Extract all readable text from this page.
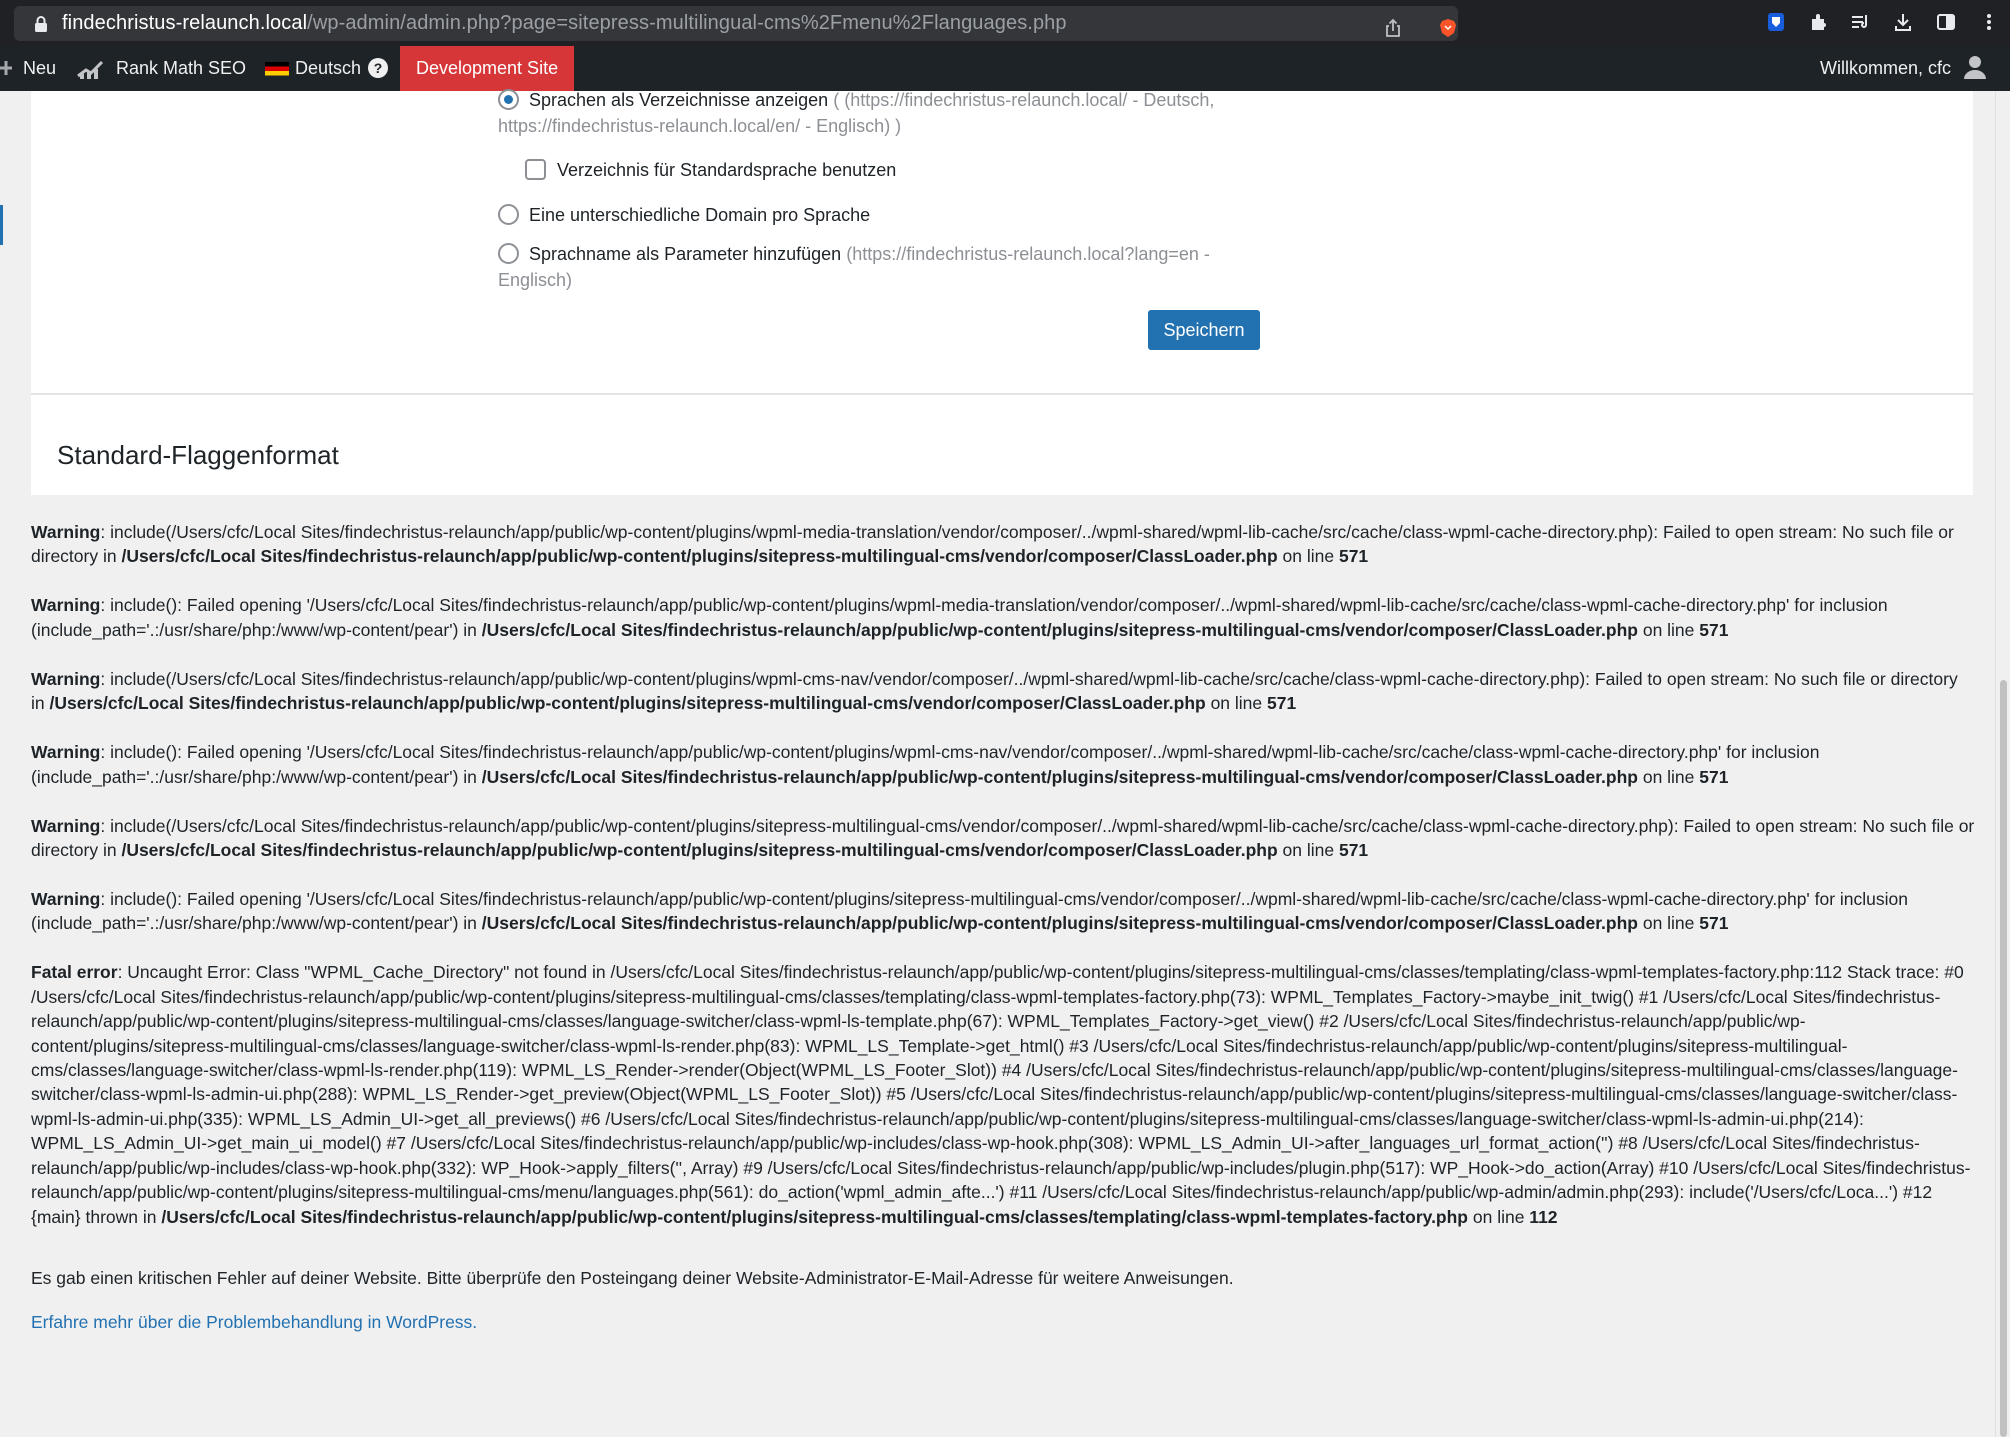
findechristus-relaunch.local/wp-admin/admin.php?page=sitepress-multilingual-cms%2Fmenu%2Flanguages.php
Neu	Rank Math SEO	Deutsch ?	Development Site	Willkommen, cfc
Sprachen als Verzeichnisse anzeigen ( (https://findechristus-relaunch.local/ - Deutsch,
https://findechristus-relaunch.local/en/ - Englisch) )
Verzeichnis für Standardsprache benutzen
Eine unterschiedliche Domain pro Sprache
Sprachname als Parameter hinzufügen (https://findechristus-relaunch.local?lang=en -
Englisch)
Speichern
Standard-Flaggenformat
Warning: include(/Users/cfc/Local Sites/findechristus-relaunch/app/public/wp-content/plugins/wpml-media-translation/vendor/composer/../wpml-shared/wpml-lib-cache/src/cache/class-wpml-cache-directory.php): Failed to open stream: No such file or directory in /Users/cfc/Local Sites/findechristus-relaunch/app/public/wp-content/plugins/sitepress-multilingual-cms/vendor/composer/ClassLoader.php on line 571
Warning: include(): Failed opening '/Users/cfc/Local Sites/findechristus-relaunch/app/public/wp-content/plugins/wpml-media-translation/vendor/composer/../wpml-shared/wpml-lib-cache/src/cache/class-wpml-cache-directory.php' for inclusion (include_path='.:/usr/share/php:/www/wp-content/pear') in /Users/cfc/Local Sites/findechristus-relaunch/app/public/wp-content/plugins/sitepress-multilingual-cms/vendor/composer/ClassLoader.php on line 571
Warning: include(/Users/cfc/Local Sites/findechristus-relaunch/app/public/wp-content/plugins/wpml-cms-nav/vendor/composer/../wpml-shared/wpml-lib-cache/src/cache/class-wpml-cache-directory.php): Failed to open stream: No such file or directory in /Users/cfc/Local Sites/findechristus-relaunch/app/public/wp-content/plugins/sitepress-multilingual-cms/vendor/composer/ClassLoader.php on line 571
Warning: include(): Failed opening '/Users/cfc/Local Sites/findechristus-relaunch/app/public/wp-content/plugins/wpml-cms-nav/vendor/composer/../wpml-shared/wpml-lib-cache/src/cache/class-wpml-cache-directory.php' for inclusion (include_path='.:/usr/share/php:/www/wp-content/pear') in /Users/cfc/Local Sites/findechristus-relaunch/app/public/wp-content/plugins/sitepress-multilingual-cms/vendor/composer/ClassLoader.php on line 571
Warning: include(/Users/cfc/Local Sites/findechristus-relaunch/app/public/wp-content/plugins/sitepress-multilingual-cms/vendor/composer/../wpml-shared/wpml-lib-cache/src/cache/class-wpml-cache-directory.php): Failed to open stream: No such file or directory in /Users/cfc/Local Sites/findechristus-relaunch/app/public/wp-content/plugins/sitepress-multilingual-cms/vendor/composer/ClassLoader.php on line 571
Warning: include(): Failed opening '/Users/cfc/Local Sites/findechristus-relaunch/app/public/wp-content/plugins/sitepress-multilingual-cms/vendor/composer/../wpml-shared/wpml-lib-cache/src/cache/class-wpml-cache-directory.php' for inclusion (include_path='.:/usr/share/php:/www/wp-content/pear') in /Users/cfc/Local Sites/findechristus-relaunch/app/public/wp-content/plugins/sitepress-multilingual-cms/vendor/composer/ClassLoader.php on line 571
Fatal error: Uncaught Error: Class "WPML_Cache_Directory" not found in /Users/cfc/Local Sites/findechristus-relaunch/app/public/wp-content/plugins/sitepress-multilingual-cms/classes/templating/class-wpml-templates-factory.php:112 Stack trace: #0 /Users/cfc/Local Sites/findechristus-relaunch/app/public/wp-content/plugins/sitepress-multilingual-cms/classes/templating/class-wpml-templates-factory.php(73): WPML_Templates_Factory->maybe_init_twig() #1 /Users/cfc/Local Sites/findechristus-relaunch/app/public/wp-content/plugins/sitepress-multilingual-cms/classes/language-switcher/class-wpml-ls-template.php(67): WPML_Templates_Factory->get_view() #2 /Users/cfc/Local Sites/findechristus-relaunch/app/public/wp-content/plugins/sitepress-multilingual-cms/classes/language-switcher/class-wpml-ls-render.php(83): WPML_LS_Template->get_html() #3 /Users/cfc/Local Sites/findechristus-relaunch/app/public/wp-content/plugins/sitepress-multilingual-cms/classes/language-switcher/class-wpml-ls-render.php(119): WPML_LS_Render->render(Object(WPML_LS_Footer_Slot)) #4 /Users/cfc/Local Sites/findechristus-relaunch/app/public/wp-content/plugins/sitepress-multilingual-cms/classes/language-switcher/class-wpml-ls-admin-ui.php(288): WPML_LS_Render->get_preview(Object(WPML_LS_Footer_Slot)) #5 /Users/cfc/Local Sites/findechristus-relaunch/app/public/wp-content/plugins/sitepress-multilingual-cms/classes/language-switcher/class-wpml-ls-admin-ui.php(335): WPML_LS_Admin_UI->get_all_previews() #6 /Users/cfc/Local Sites/findechristus-relaunch/app/public/wp-content/plugins/sitepress-multilingual-cms/classes/language-switcher/class-wpml-ls-admin-ui.php(214): WPML_LS_Admin_UI->get_main_ui_model() #7 /Users/cfc/Local Sites/findechristus-relaunch/app/public/wp-includes/class-wp-hook.php(308): WPML_LS_Admin_UI->after_languages_url_format_action('') #8 /Users/cfc/Local Sites/findechristus-relaunch/app/public/wp-includes/class-wp-hook.php(332): WP_Hook->apply_filters('', Array) #9 /Users/cfc/Local Sites/findechristus-relaunch/app/public/wp-includes/plugin.php(517): WP_Hook->do_action(Array) #10 /Users/cfc/Local Sites/findechristus-relaunch/app/public/wp-content/plugins/sitepress-multilingual-cms/menu/languages.php(561): do_action('wpml_admin_afte...') #11 /Users/cfc/Local Sites/findechristus-relaunch/app/public/wp-admin/admin.php(293): include('/Users/cfc/Loca...') #12 {main} thrown in /Users/cfc/Local Sites/findechristus-relaunch/app/public/wp-content/plugins/sitepress-multilingual-cms/classes/templating/class-wpml-templates-factory.php on line 112
Es gab einen kritischen Fehler auf deiner Website. Bitte überprüfe den Posteingang deiner Website-Administrator-E-Mail-Adresse für weitere Anweisungen.
Erfahre mehr über die Problembehandlung in WordPress.
